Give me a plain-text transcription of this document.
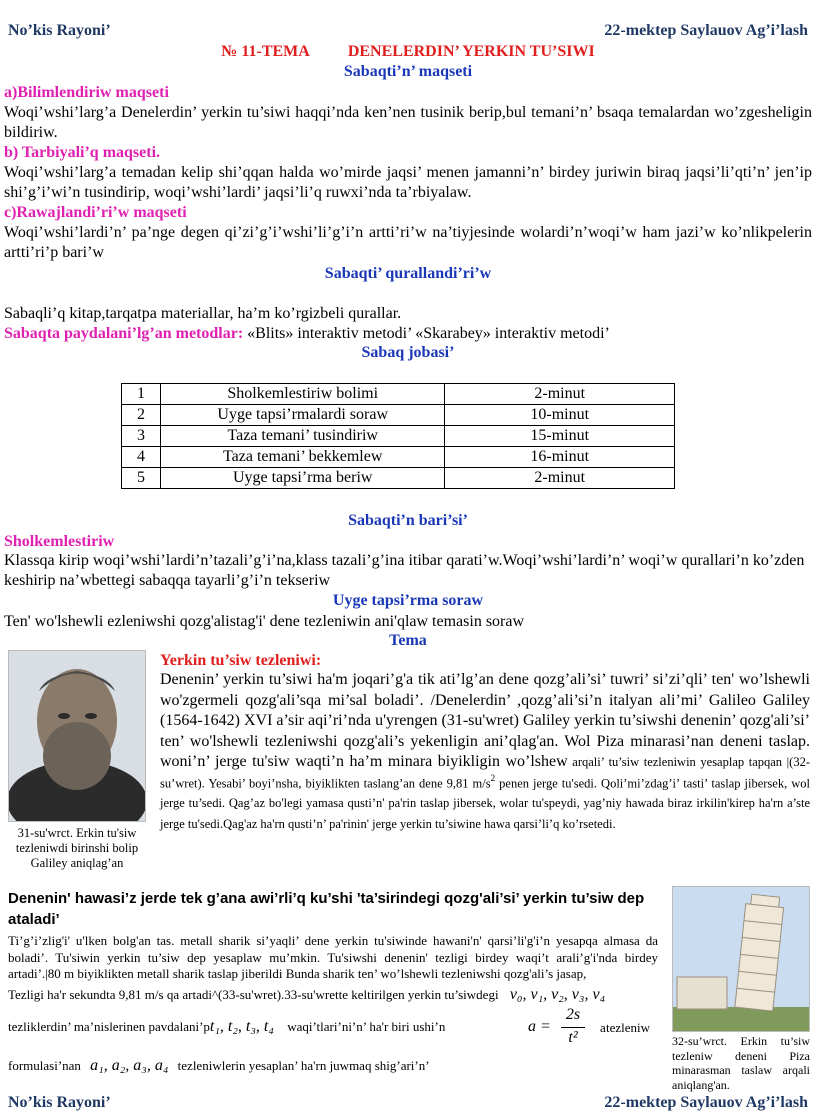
No’kis Rayoni’	22-mektep Saylauov Ag’i’lash
№ 11-TEMA DENELERDIN’ YERKIN TU’SIWI
Sabaqti’n’ maqseti
a)Bilimlendiriw maqseti
Woqi’wshi’larg’a Denelerdin’ yerkin tu’siwi haqqi’nda ken’nen tusinik berip,bul temani’n’ bsaqa temalardan wo’zgesheligin bildiriw.
b) Tarbiyali’q maqseti.
Woqi’wshi’larg’a temadan kelip shi’qqan halda wo’mirde jaqsi’ menen jamanni’n’ birdey juriwin biraq jaqsi’li’qti’n’ jen’ip shi’g’i’wi’n tusindirip, woqi’wshi’lardi’ jaqsi’li’q ruwxi’nda ta’rbiyalaw.
c)Rawajlandi’ri’w maqseti
Woqi’wshi’lardi’n’ pa’nge degen qi’zi’g’i’wshi’li’g’i’n artti’ri’w na’tiyjesinde wolardi’n’woqi’w ham jazi’w ko’nlikpelerin artti’ri’p bari’w
Sabaqti’ qurallandi’ri’w
Sabaqli’q kitap,tarqatpa materiallar, ha’m ko’rgizbeli qurallar.
Sabaqta paydalani’lg’an metodlar: «Blits» interaktiv metodi’ «Skarabey» interaktiv metodi’
Sabaq jobasi’
1	Sholkemlestiriw bolimi	2-minut
2	Uyge tapsi’rmalardi soraw	10-minut
3	Taza temani’ tusindiriw	15-minut
4	Taza temani’ bekkemlew	16-minut
5	Uyge tapsi’rma beriw	2-minut
Sabaqti’n bari’si’
Sholkemlestiriw
Klassqa kirip woqi’wshi’lardi’n’tazali’g’i’na,klass tazali’g’ina itibar qarati’w.Woqi’wshi’lardi’n’ woqi’w qurallari’n ko’zden keshirip na’wbettegi sabaqqa tayarli’g’i’n tekseriw
Uyge tapsi’rma soraw
Ten' wo'lshewli ezleniwshi qozg'alistag'i' dene tezleniwin ani'qlaw temasin soraw
Tema
31-su'wrct. Erkin tu'siw tezleniwdi birinshi bolip Galiley aniqlag’an
Yerkin tu’siw tezleniwi:
Denenin’ yerkin tu’siwi ha'm joqari’g'a tik ati’lg’an dene qozg’ali’si’ tuwri’ si’zi’qli’ ten' wo’lshewli wo'zgermeli qozg'ali’sqa mi’sal boladi’. /Denelerdin’ ,qozg’ali’si’n italyan ali’mi’ Galileo Galiley (1564-1642) XVI a’sir aqi’ri’nda u'yrengen (31-su'wret) Galiley yerkin tu’siwshi denenin’ qozg'ali’si’ ten’ wo'lshewli tezleniwshi qozg'ali’s yekenligin ani’qlag'an. Wol Piza minarasi’nan deneni taslap. woni’n’ jerge tu'siw waqti’n ha’m minara biyikligin wo’lshew arqali’ tu’siw tezleniwin yesaplap tapqan |(32-su’wret). Yesabi’ boyi’nsha, biyiklikten taslang’an dene 9,81 $m/s^2$ penen jerge tu'sedi. Qoli’mi’zdag’i’ tasti’ taslap jibersek, wol jerge tu’sedi. Qag’az bo'legi yamasa qusti’n' pa'rin taslap jibersek, wolar tu'speydi, yag’niy hawada biraz irkilin'kirep ha'rn a’ste jerge tu'sedi.Qag'az ha'rn qusti’n’ pa'rinin' jerge yerkin tu’siwine hawa qarsi’li’q ko’rsetedi.
Denenin' hawasi’z jerde tek g’ana awi’rli’q ku’shi 'ta’sirindegi qozg'ali’si’ yerkin tu’siw dep ataladi’
Ti’g’i’zlig'i' u'lken bolg'an tas. metall sharik si’yaqli’ dene yerkin tu'siwinde hawani'n' qarsi’li'g'i’n yesapqa almasa da boladi’. Tu'siwin yerkin tu’siw dep yesaplaw mu’mkin. Tu'siwshi denenin' tezligi birdey waqi’t arali’g'i'nda birdey artadi’.|80 m biyiklikten metall sharik taslap jiberildi Bunda sharik ten’ wo’lshewli tezleniwshi qozg'ali’s jasap,
Tezligi ha'r sekundta 9,81 m/s qa artadi^(33-su'wret).33-su'wrette keltirilgen yerkin tu’siwdegi v₀, v₁, v₂, v₃, v₄
tezliklerdin’ ma’nislerinen pavdalani’pt₁, t₂, t₃, t₄ waqi’tlari’ni’n’ ha'r biri ushi’n	a =
2s
t²
a tezleniw
formulasi’nan a₁, a₂, a₃, a₄ tezleniwlerin yesaplan’ ha'rn juwmaq shig’ari’n’
32-su’wrct. Erkin tu’siw tezleniw deneni Piza minarasman taslaw arqali aniqlang'an.
No’kis Rayoni’	22-mektep Saylauov Ag’i’lash
